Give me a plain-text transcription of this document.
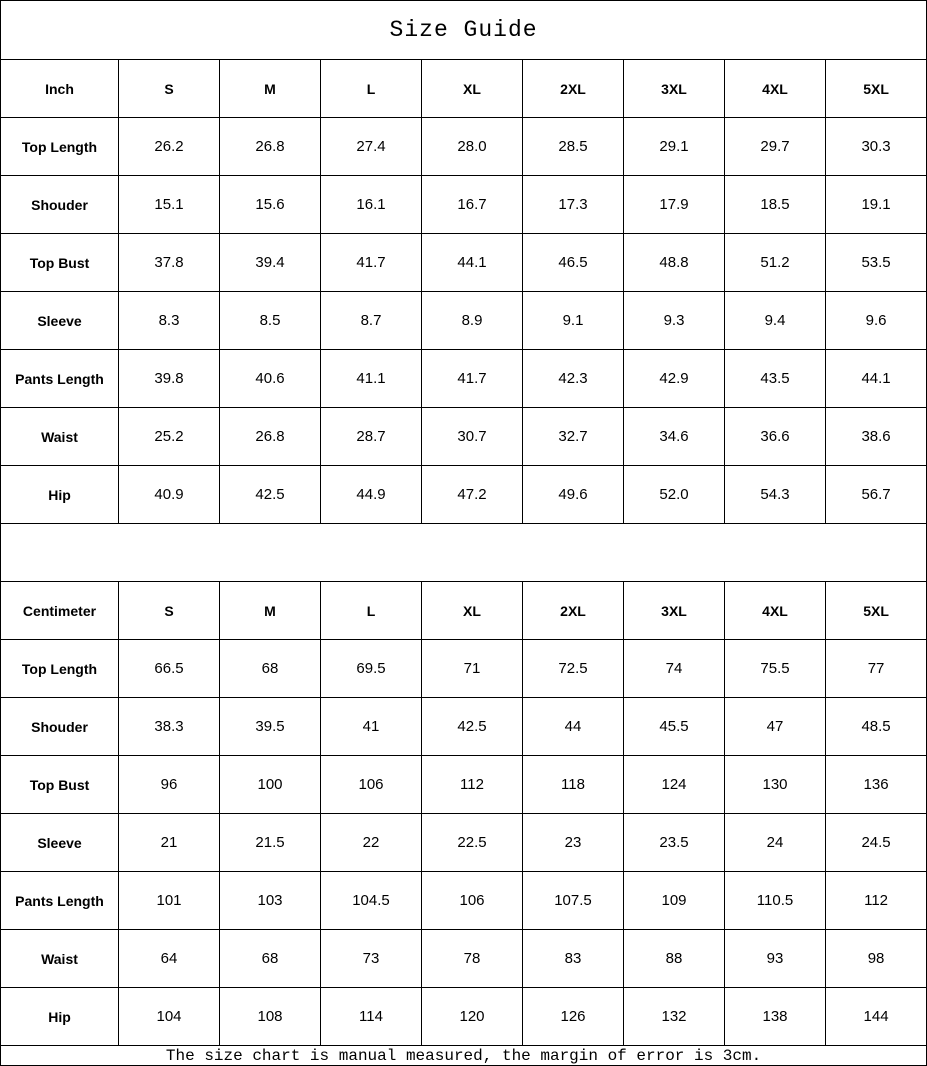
Size Guide								
Inch	S	M	L	XL	2XL	3XL	4XL	5XL
Top Length	26.2	26.8	27.4	28.0	28.5	29.1	29.7	30.3
Shouder	15.1	15.6	16.1	16.7	17.3	17.9	18.5	19.1
Top Bust	37.8	39.4	41.7	44.1	46.5	48.8	51.2	53.5
Sleeve	8.3	8.5	8.7	8.9	9.1	9.3	9.4	9.6
Pants Length	39.8	40.6	41.1	41.7	42.3	42.9	43.5	44.1
Waist	25.2	26.8	28.7	30.7	32.7	34.6	36.6	38.6
Hip	40.9	42.5	44.9	47.2	49.6	52.0	54.3	56.7

Centimeter	S	M	L	XL	2XL	3XL	4XL	5XL
Top Length	66.5	68	69.5	71	72.5	74	75.5	77
Shouder	38.3	39.5	41	42.5	44	45.5	47	48.5
Top Bust	96	100	106	112	118	124	130	136
Sleeve	21	21.5	22	22.5	23	23.5	24	24.5
Pants Length	101	103	104.5	106	107.5	109	110.5	112
Waist	64	68	73	78	83	88	93	98
Hip	104	108	114	120	126	132	138	144
The size chart is manual measured, the margin of error is 3cm.								
